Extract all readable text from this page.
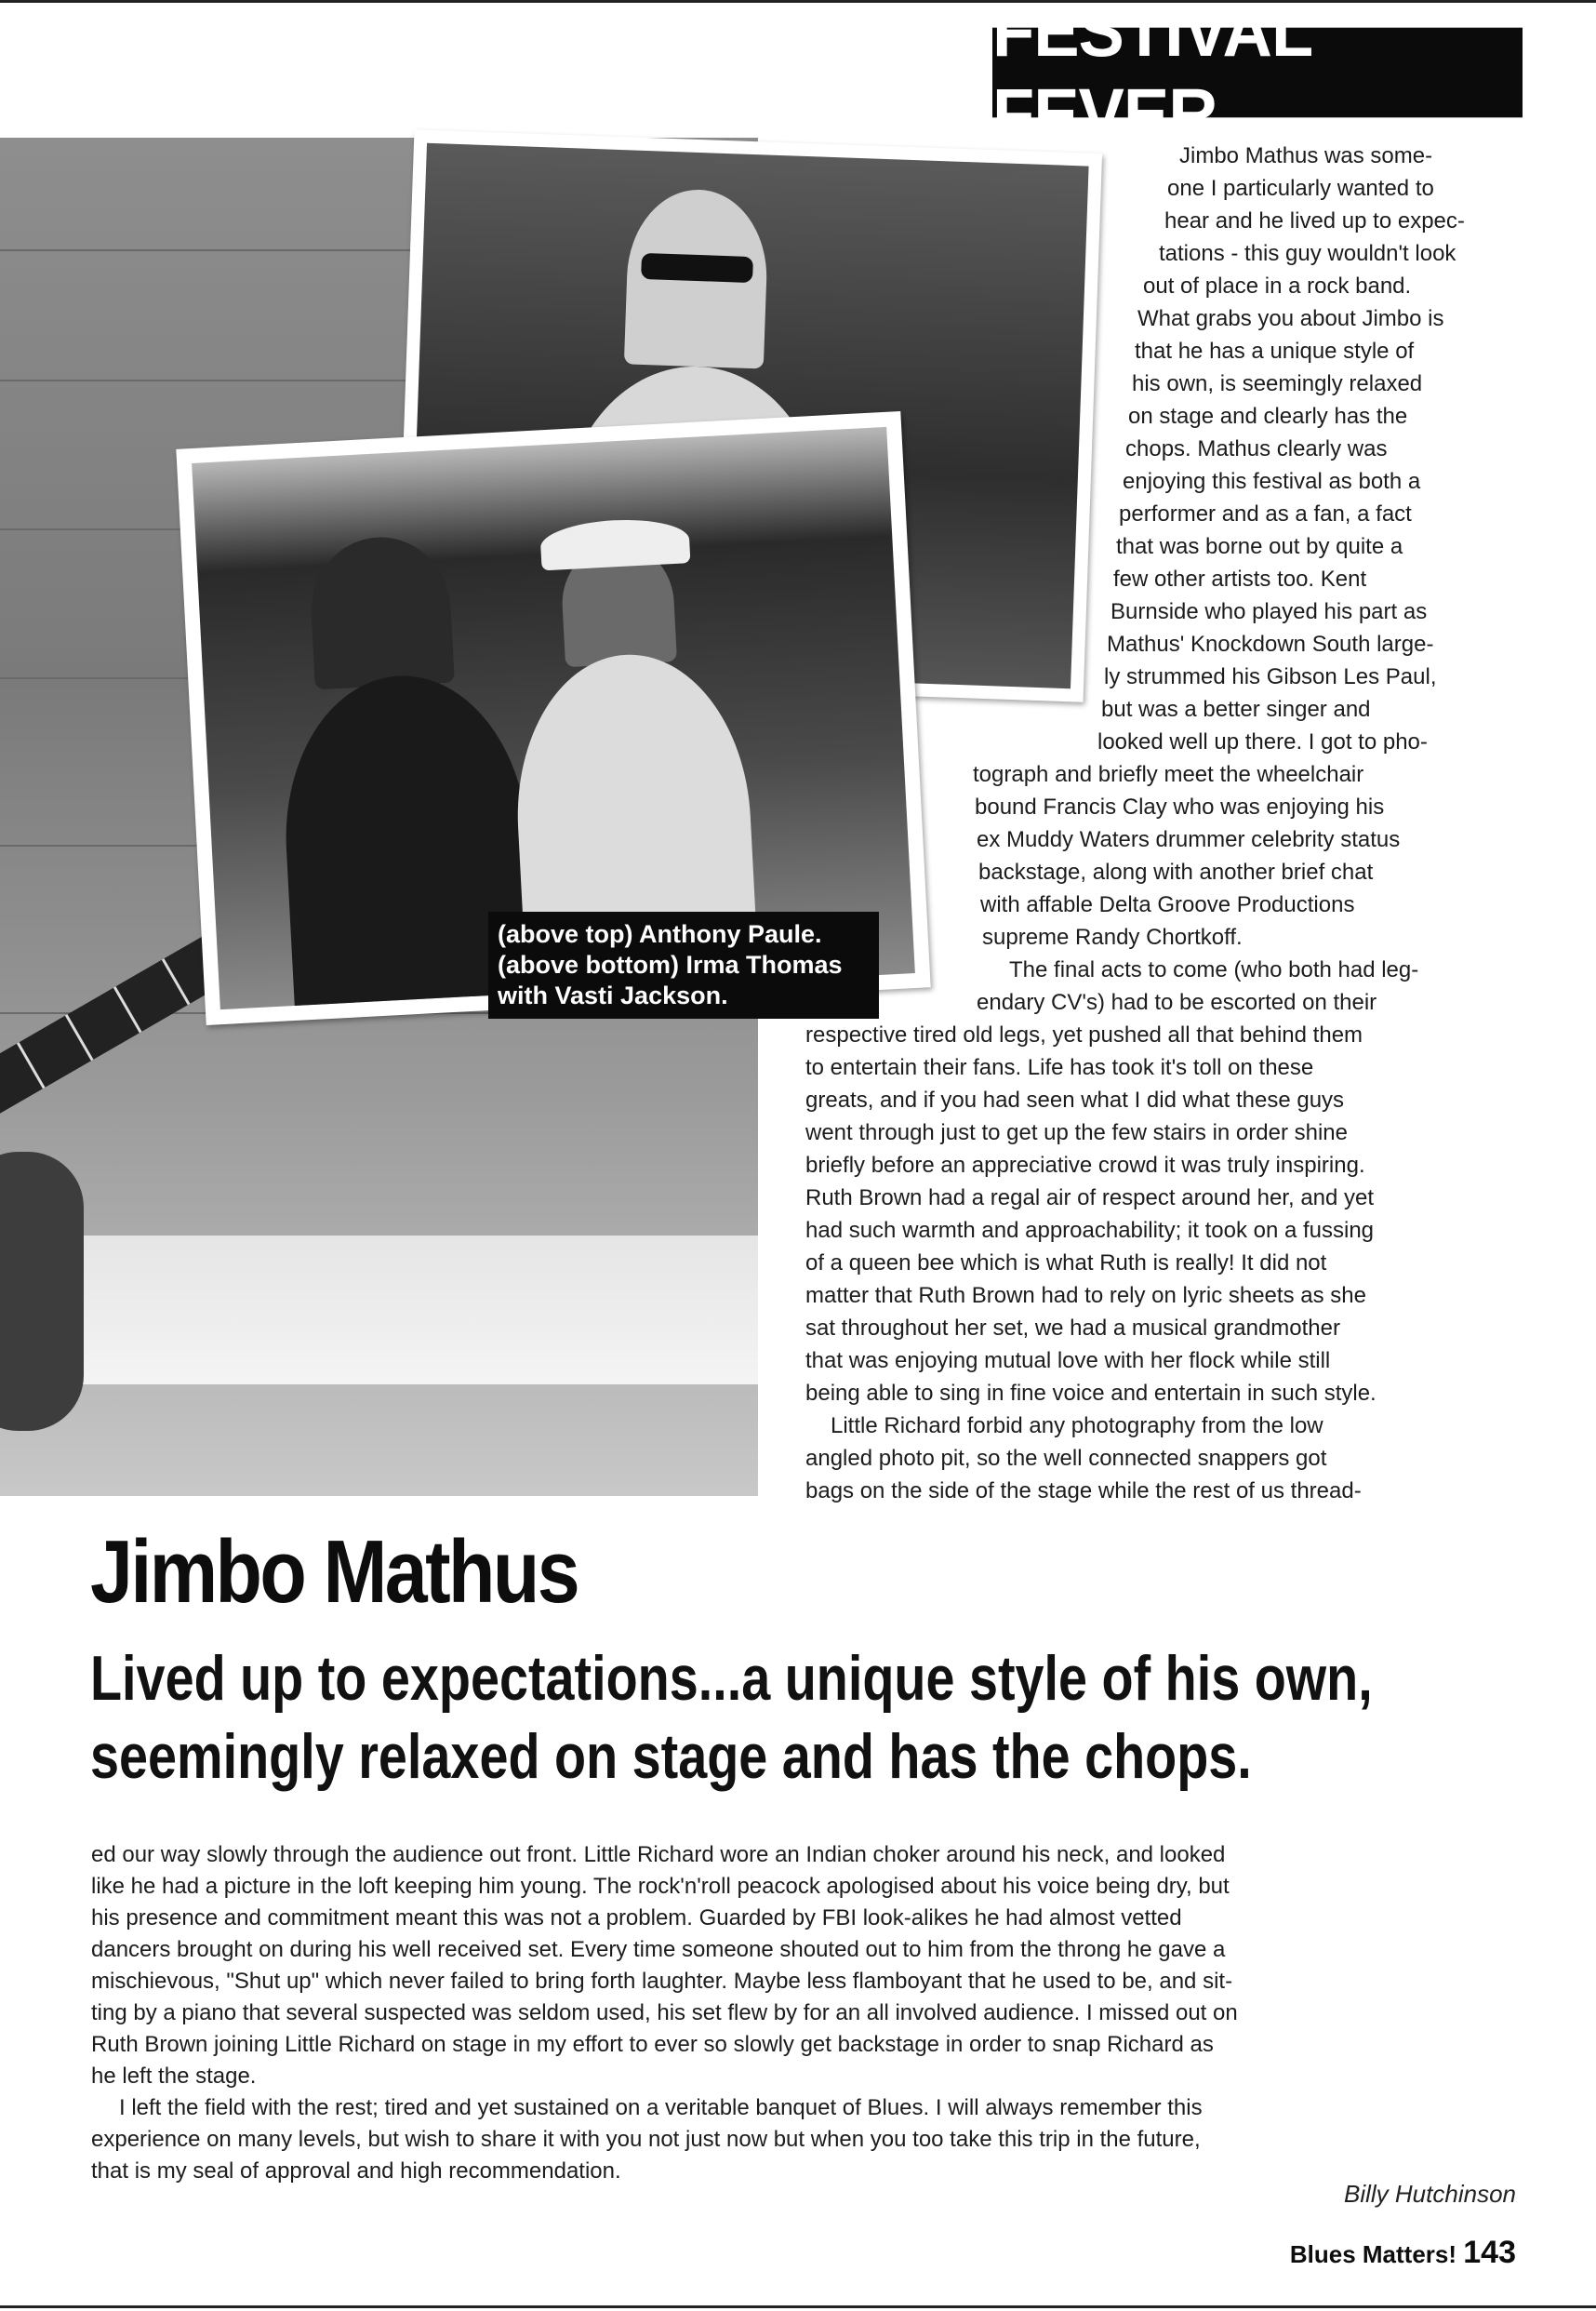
FESTIVAL FEVER
(above top) Anthony Paule.
(above bottom) Irma Thomas
with Vasti Jackson.
Jimbo Mathus was some-
one I particularly wanted to
hear and he lived up to expec-
tations - this guy wouldn't look
out of place in a rock band.
What grabs you about Jimbo is
that he has a unique style of
his own, is seemingly relaxed
on stage and clearly has the
chops. Mathus clearly was
enjoying this festival as both a
performer and as a fan, a fact
that was borne out by quite a
few other artists too. Kent
Burnside who played his part as
Mathus' Knockdown South large-
ly strummed his Gibson Les Paul,
but was a better singer and
looked well up there. I got to pho-
tograph and briefly meet the wheelchair
bound Francis Clay who was enjoying his
ex Muddy Waters drummer celebrity status
backstage, along with another brief chat
with affable Delta Groove Productions
supreme Randy Chortkoff.
The final acts to come (who both had leg-
endary CV's) had to be escorted on their
respective tired old legs, yet pushed all that behind them
to entertain their fans. Life has took it's toll on these
greats, and if you had seen what I did what these guys
went through just to get up the few stairs in order shine
briefly before an appreciative crowd it was truly inspiring.
Ruth Brown had a regal air of respect around her, and yet
had such warmth and approachability; it took on a fussing
of a queen bee which is what Ruth is really! It did not
matter that Ruth Brown had to rely on lyric sheets as she
sat throughout her set, we had a musical grandmother
that was enjoying mutual love with her flock while still
being able to sing in fine voice and entertain in such style.
Little Richard forbid any photography from the low
angled photo pit, so the well connected snappers got
bags on the side of the stage while the rest of us thread-
Jimbo Mathus
Lived up to expectations...a unique style of his own,
seemingly relaxed on stage and has the chops.
ed our way slowly through the audience out front. Little Richard wore an Indian choker around his neck, and looked
like he had a picture in the loft keeping him young. The rock'n'roll peacock apologised about his voice being dry, but
his presence and commitment meant this was not a problem. Guarded by FBI look-alikes he had almost vetted
dancers brought on during his well received set. Every time someone shouted out to him from the throng he gave a
mischievous, "Shut up" which never failed to bring forth laughter. Maybe less flamboyant that he used to be, and sit-
ting by a piano that several suspected was seldom used, his set flew by for an all involved audience. I missed out on
Ruth Brown joining Little Richard on stage in my effort to ever so slowly get backstage in order to snap Richard as
he left the stage.
I left the field with the rest; tired and yet sustained on a veritable banquet of Blues. I will always remember this
experience on many levels, but wish to share it with you not just now but when you too take this trip in the future,
that is my seal of approval and high recommendation.
Billy Hutchinson
Blues Matters! 143
